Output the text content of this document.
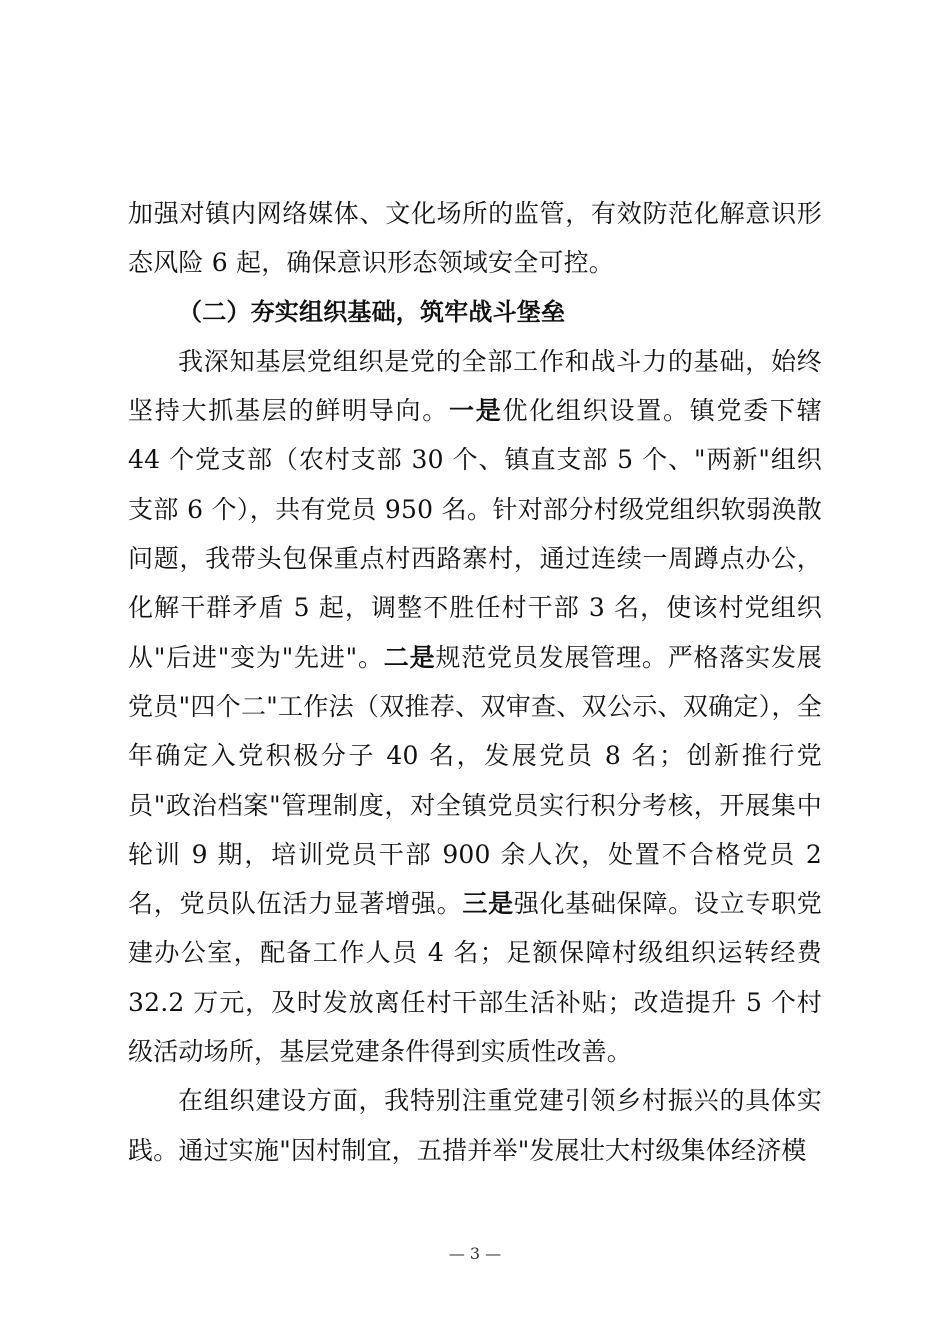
加强对镇内网络媒体、文化场所的监管，有效防范化解意识形态风险 6 起，确保意识形态领域安全可控。

（二）夯实组织基础，筑牢战斗堡垒

我深知基层党组织是党的全部工作和战斗力的基础，始终坚持大抓基层的鲜明导向。一是优化组织设置。镇党委下辖 44 个党支部（农村支部 30 个、镇直支部 5 个、"两新"组织支部 6 个），共有党员 950 名。针对部分村级党组织软弱涣散问题，我带头包保重点村西路寨村，通过连续一周蹲点办公，化解干群矛盾 5 起，调整不胜任村干部 3 名，使该村党组织从"后进"变为"先进"。二是规范党员发展管理。严格落实发展党员"四个二"工作法（双推荐、双审查、双公示、双确定），全年确定入党积极分子 40 名，发展党员 8 名；创新推行党员"政治档案"管理制度，对全镇党员实行积分考核，开展集中轮训 9 期，培训党员干部 900 余人次，处置不合格党员 2 名，党员队伍活力显著增强。三是强化基础保障。设立专职党建办公室，配备工作人员 4 名；足额保障村级组织运转经费 32.2 万元，及时发放离任村干部生活补贴；改造提升 5 个村级活动场所，基层党建条件得到实质性改善。

在组织建设方面，我特别注重党建引领乡村振兴的具体实践。通过实施"因村制宜，五措并举"发展壮大村级集体经济模

— 3 —
